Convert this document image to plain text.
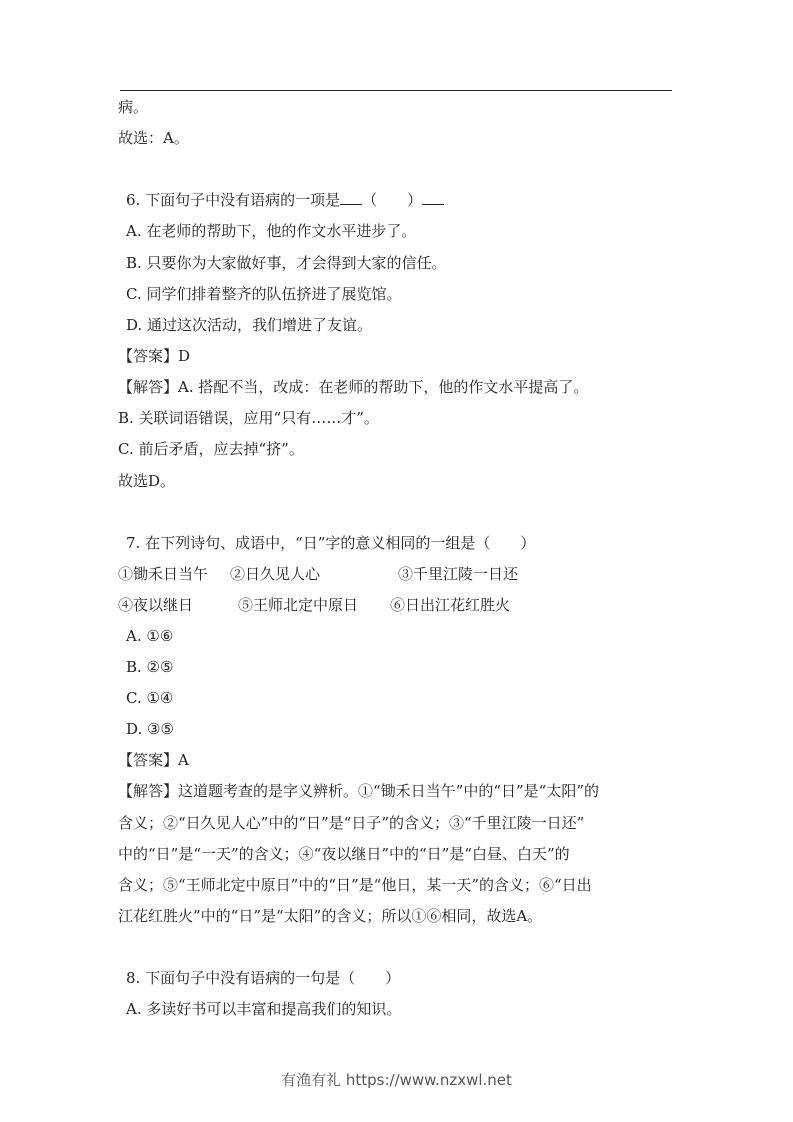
病。
故选：A。
6. 下面句子中没有语病的一项是 （　　）
A. 在老师的帮助下，他的作文水平进步了。
B. 只要你为大家做好事，才会得到大家的信任。
C. 同学们排着整齐的队伍挤进了展览馆。
D. 通过这次活动，我们增进了友谊。
【答案】D
【解答】A. 搭配不当，改成：在老师的帮助下，他的作文水平提高了。
B. 关联词语错误，应用“只有……才”。
C. 前后矛盾，应去掉“挤”。
故选D。
7. 在下列诗句、成语中，“日”字的意义相同的一组是（　　）
①锄禾日当午 ②日久见人心	③千里江陵一日还
④夜以继日	⑤王师北定中原日 ⑥日出江花红胜火
A. ①⑥
B. ②⑤
C. ①④
D. ③⑤
【答案】A
【解答】这道题考查的是字义辨析。①“锄禾日当午”中的“日”是“太阳”的
含义；②“日久见人心”中的“日”是“日子”的含义；③“千里江陵一日还”
中的“日”是“一天”的含义；④“夜以继日”中的“日”是“白昼、白天”的
含义；⑤“王师北定中原日”中的“日”是“他日，某一天”的含义；⑥“日出
江花红胜火”中的“日”是“太阳”的含义；所以①⑥相同，故选A。
8. 下面句子中没有语病的一句是（　　）
A. 多读好书可以丰富和提高我们的知识。
有渔有礼 https://www.nzxwl.net
